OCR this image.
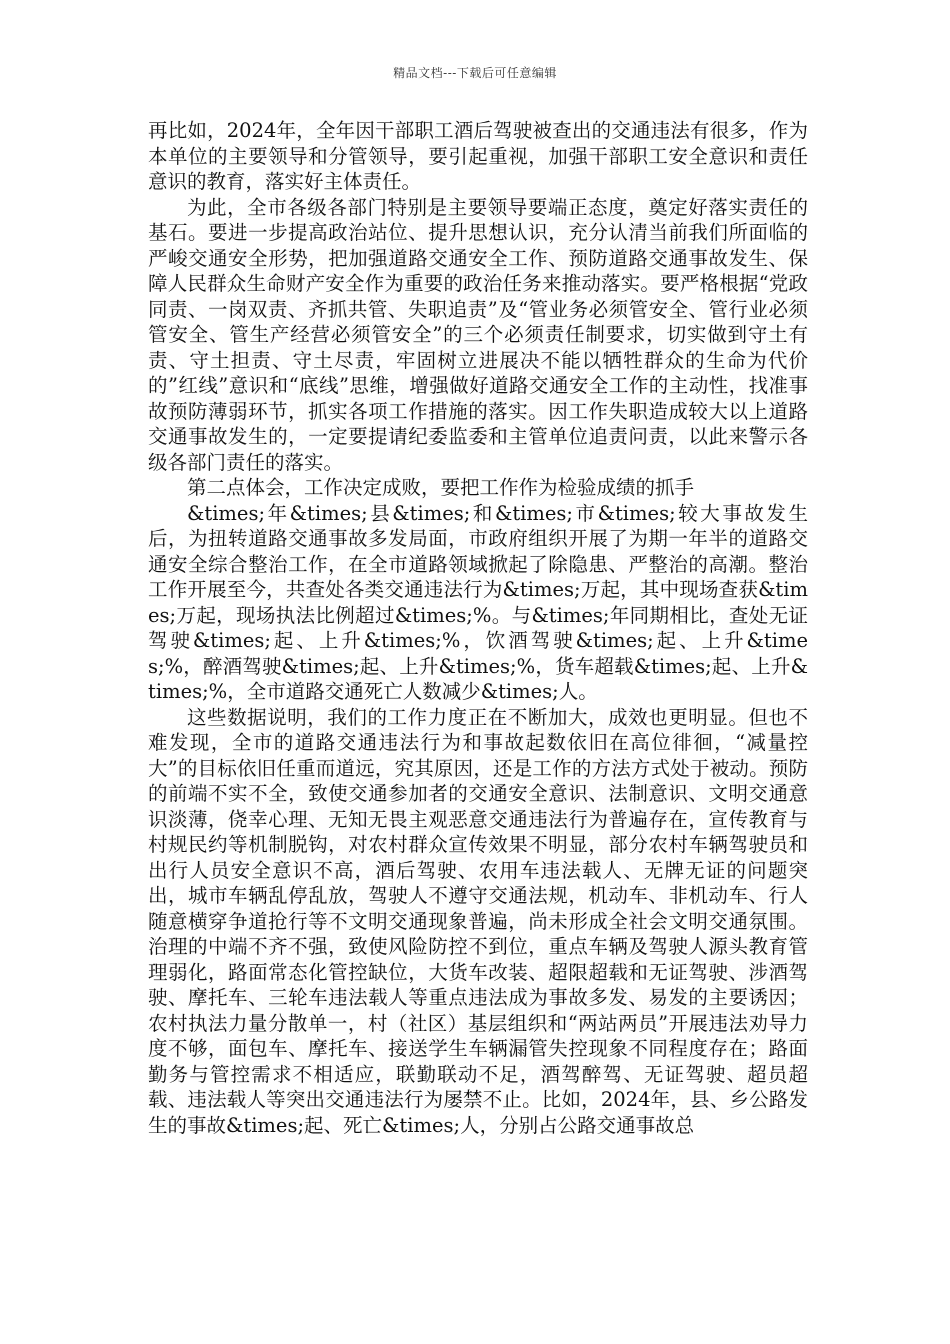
精品文档---下载后可任意编辑

再比如，2024年，全年因干部职工酒后驾驶被查出的交通违法有很多，作为本单位的主要领导和分管领导，要引起重视，加强干部职工安全意识和责任意识的教育，落实好主体责任。

为此，全市各级各部门特别是主要领导要端正态度，奠定好落实责任的基石。要进一步提高政治站位、提升思想认识，充分认清当前我们所面临的严峻交通安全形势，把加强道路交通安全工作、预防道路交通事故发生、保障人民群众生命财产安全作为重要的政治任务来推动落实。要严格根据“党政同责、一岗双责、齐抓共管、失职追责”及“管业务必须管安全、管行业必须管安全、管生产经营必须管安全”的三个必须责任制要求，切实做到守土有责、守土担责、守土尽责，牢固树立进展决不能以牺牲群众的生命为代价的”红线”意识和“底线”思维，增强做好道路交通安全工作的主动性，找准事故预防薄弱环节，抓实各项工作措施的落实。因工作失职造成较大以上道路交通事故发生的，一定要提请纪委监委和主管单位追责问责，以此来警示各级各部门责任的落实。

第二点体会，工作决定成败，要把工作作为检验成绩的抓手

&times;年&times;县&times;和&times;市&times;较大事故发生后，为扭转道路交通事故多发局面，市政府组织开展了为期一年半的道路交通安全综合整治工作，在全市道路领域掀起了除隐患、严整治的高潮。整治工作开展至今，共查处各类交通违法行为&times;万起，其中现场查获&times;万起，现场执法比例超过&times;%。与&times;年同期相比，查处无证驾驶&times;起、上升&times;%，饮酒驾驶&times;起、上升&times;%，醉酒驾驶&times;起、上升&times;%，货车超载&times;起、上升&times;%，全市道路交通死亡人数减少&times;人。

这些数据说明，我们的工作力度正在不断加大，成效也更明显。但也不难发现，全市的道路交通违法行为和事故起数依旧在高位徘徊，“减量控大”的目标依旧任重而道远，究其原因，还是工作的方法方式处于被动。预防的前端不实不全，致使交通参加者的交通安全意识、法制意识、文明交通意识淡薄，侥幸心理、无知无畏主观恶意交通违法行为普遍存在，宣传教育与村规民约等机制脱钩，对农村群众宣传效果不明显，部分农村车辆驾驶员和出行人员安全意识不高，酒后驾驶、农用车违法载人、无牌无证的问题突出，城市车辆乱停乱放，驾驶人不遵守交通法规，机动车、非机动车、行人随意横穿争道抢行等不文明交通现象普遍，尚未形成全社会文明交通氛围。治理的中端不齐不强，致使风险防控不到位，重点车辆及驾驶人源头教育管理弱化，路面常态化管控缺位，大货车改装、超限超载和无证驾驶、涉酒驾驶、摩托车、三轮车违法载人等重点违法成为事故多发、易发的主要诱因；农村执法力量分散单一，村（社区）基层组织和“两站两员”开展违法劝导力度不够，面包车、摩托车、接送学生车辆漏管失控现象不同程度存在；路面勤务与管控需求不相适应，联勤联动不足，酒驾醉驾、无证驾驶、超员超载、违法载人等突出交通违法行为屡禁不止。比如，2024年，县、乡公路发生的事故&times;起、死亡&times;人，分别占公路交通事故总
